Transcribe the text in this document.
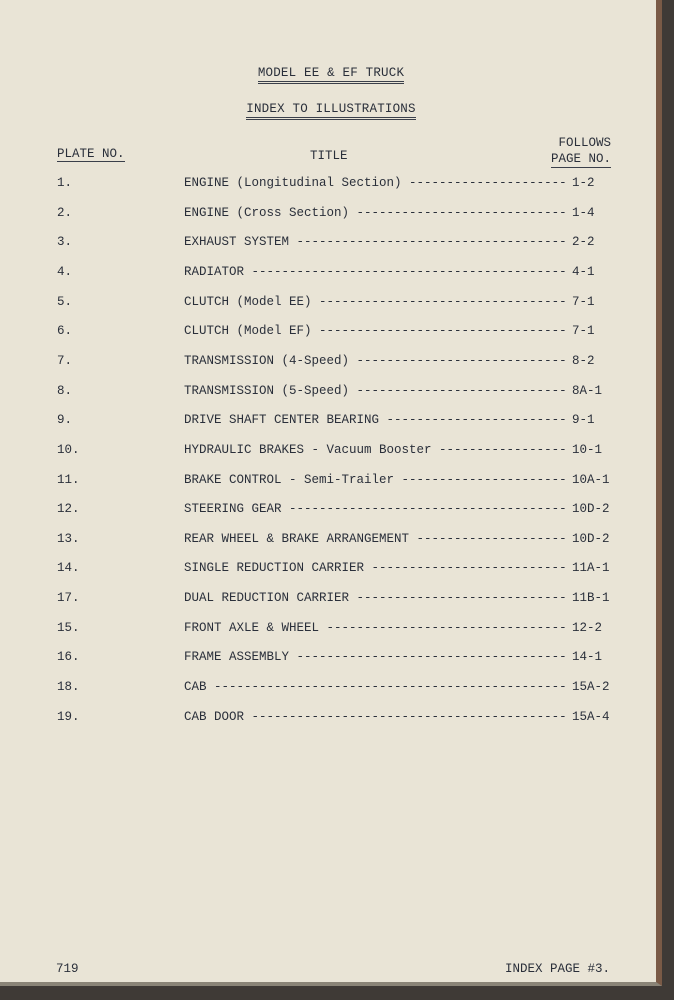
MODEL EE & EF TRUCK
INDEX TO ILLUSTRATIONS
PLATE NO.	TITLE
FOLLOWS
PAGE NO.
1.	ENGINE (Longitudinal Section) -----	1-2
2.	ENGINE (Cross Section) -----	1-4
3.	EXHAUST SYSTEM -----	2-2
4.	RADIATOR -----	4-1
5.	CLUTCH (Model EE) -----	7-1
6.	CLUTCH (Model EF) -----	7-1
7.	TRANSMISSION (4-Speed) -----	8-2
8.	TRANSMISSION (5-Speed) -----	8A-1
9.	DRIVE SHAFT CENTER BEARING -----	9-1
10.	HYDRAULIC BRAKES - Vacuum Booster -----	10-1
11.	BRAKE CONTROL - Semi-Trailer -----	10A-1
12.	STEERING GEAR -----	10D-2
13.	REAR WHEEL & BRAKE ARRANGEMENT -----	10D-2
14.	SINGLE REDUCTION CARRIER -----	11A-1
17.	DUAL REDUCTION CARRIER -----	11B-1
15.	FRONT AXLE & WHEEL -----	12-2
16.	FRAME ASSEMBLY -----	14-1
18.	CAB -----	15A-2
19.	CAB DOOR -----	15A-4
719	INDEX PAGE #3.
